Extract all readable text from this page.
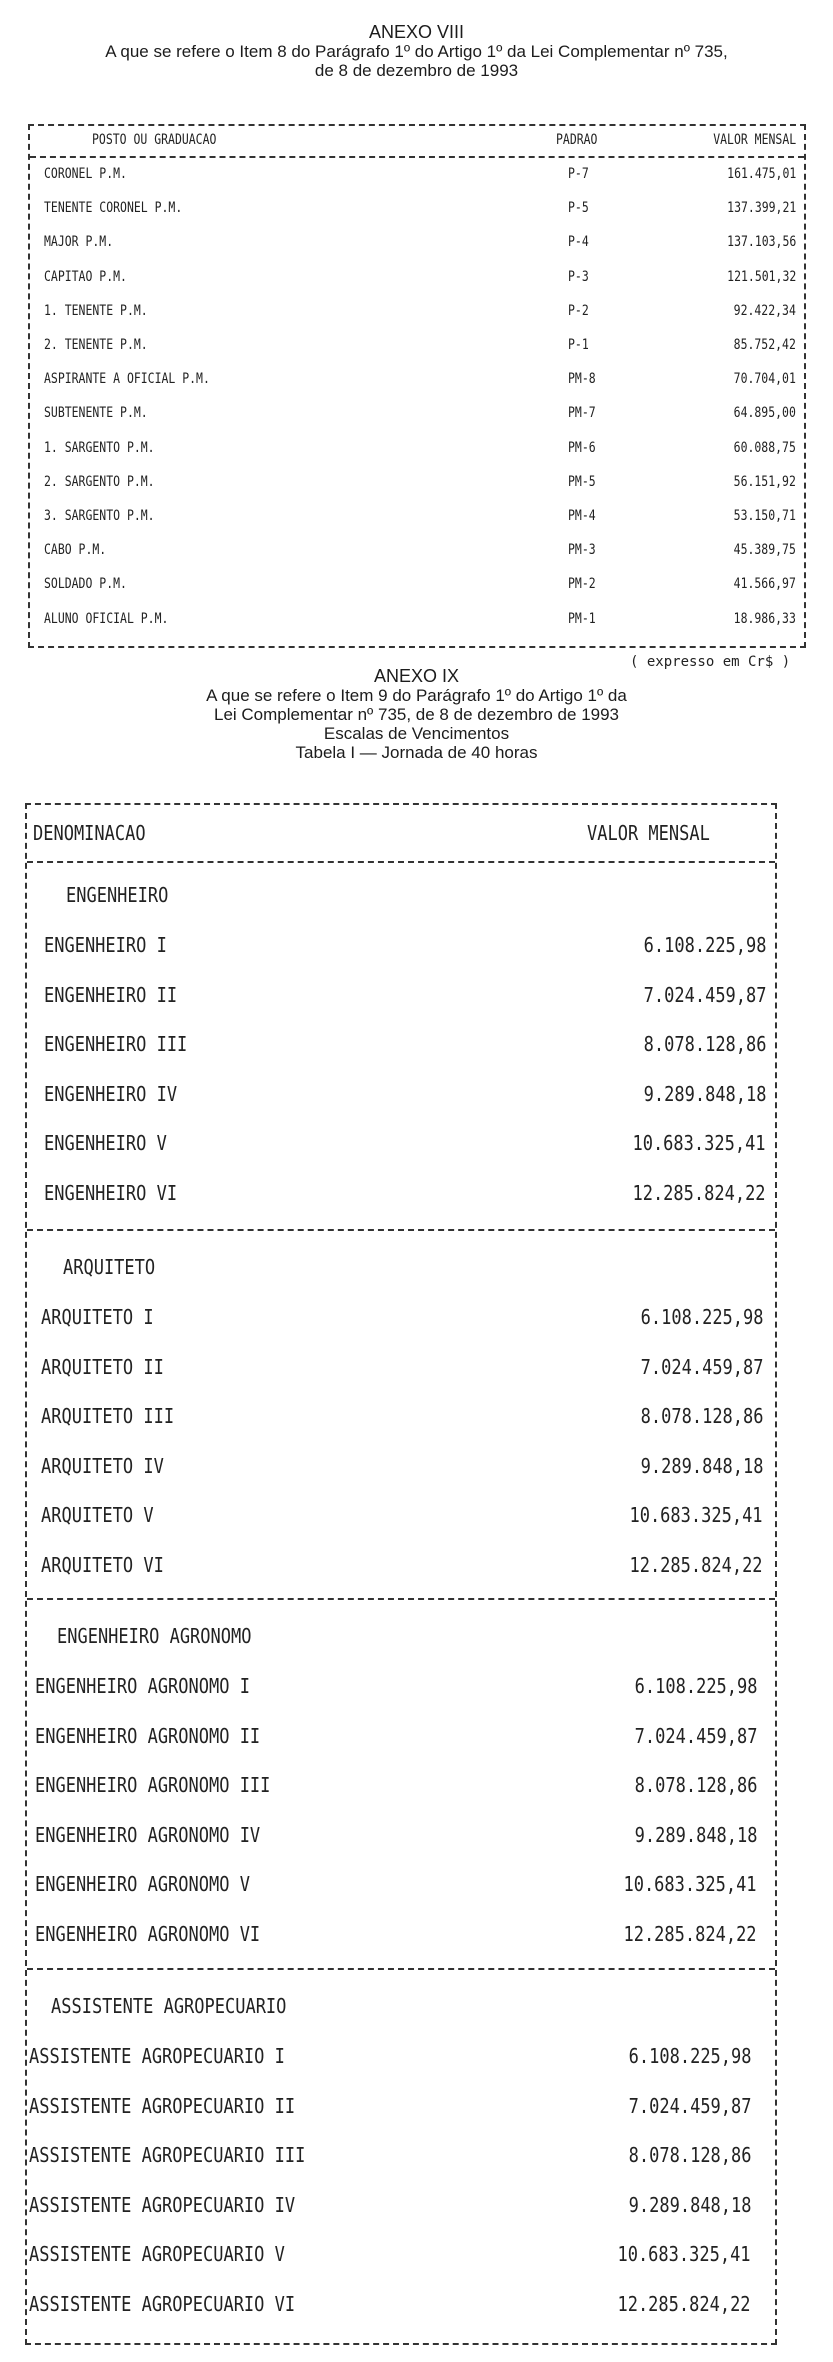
ANEXO VIII
A que se refere o Item 8 do Parágrafo 1º do Artigo 1º da Lei Complementar nº 735,
de 8 de dezembro de 1993
POSTO OU GRADUACAO	PADRAO	VALOR MENSAL
CORONEL P.M.	P-7	161.475,01
TENENTE CORONEL P.M.	P-5	137.399,21
MAJOR P.M.	P-4	137.103,56
CAPITAO P.M.	P-3	121.501,32
1. TENENTE P.M.	P-2	92.422,34
2. TENENTE P.M.	P-1	85.752,42
ASPIRANTE A OFICIAL P.M.	PM-8	70.704,01
SUBTENENTE P.M.	PM-7	64.895,00
1. SARGENTO P.M.	PM-6	60.088,75
2. SARGENTO P.M.	PM-5	56.151,92
3. SARGENTO P.M.	PM-4	53.150,71
CABO P.M.	PM-3	45.389,75
SOLDADO P.M.	PM-2	41.566,97
ALUNO OFICIAL P.M.	PM-1	18.986,33
( expresso em Cr$ )
ANEXO IX
A que se refere o Item 9 do Parágrafo 1º do Artigo 1º da
Lei Complementar nº 735, de 8 de dezembro de 1993
Escalas de Vencimentos
Tabela I — Jornada de 40 horas
DENOMINACAO	VALOR MENSAL
ENGENHEIRO
ENGENHEIRO I	6.108.225,98
ENGENHEIRO II	7.024.459,87
ENGENHEIRO III	8.078.128,86
ENGENHEIRO IV	9.289.848,18
ENGENHEIRO V	10.683.325,41
ENGENHEIRO VI	12.285.824,22
ARQUITETO
ARQUITETO I	6.108.225,98
ARQUITETO II	7.024.459,87
ARQUITETO III	8.078.128,86
ARQUITETO IV	9.289.848,18
ARQUITETO V	10.683.325,41
ARQUITETO VI	12.285.824,22
ENGENHEIRO AGRONOMO
ENGENHEIRO AGRONOMO I	6.108.225,98
ENGENHEIRO AGRONOMO II	7.024.459,87
ENGENHEIRO AGRONOMO III	8.078.128,86
ENGENHEIRO AGRONOMO IV	9.289.848,18
ENGENHEIRO AGRONOMO V	10.683.325,41
ENGENHEIRO AGRONOMO VI	12.285.824,22
ASSISTENTE AGROPECUARIO
ASSISTENTE AGROPECUARIO I	6.108.225,98
ASSISTENTE AGROPECUARIO II	7.024.459,87
ASSISTENTE AGROPECUARIO III	8.078.128,86
ASSISTENTE AGROPECUARIO IV	9.289.848,18
ASSISTENTE AGROPECUARIO V	10.683.325,41
ASSISTENTE AGROPECUARIO VI	12.285.824,22
